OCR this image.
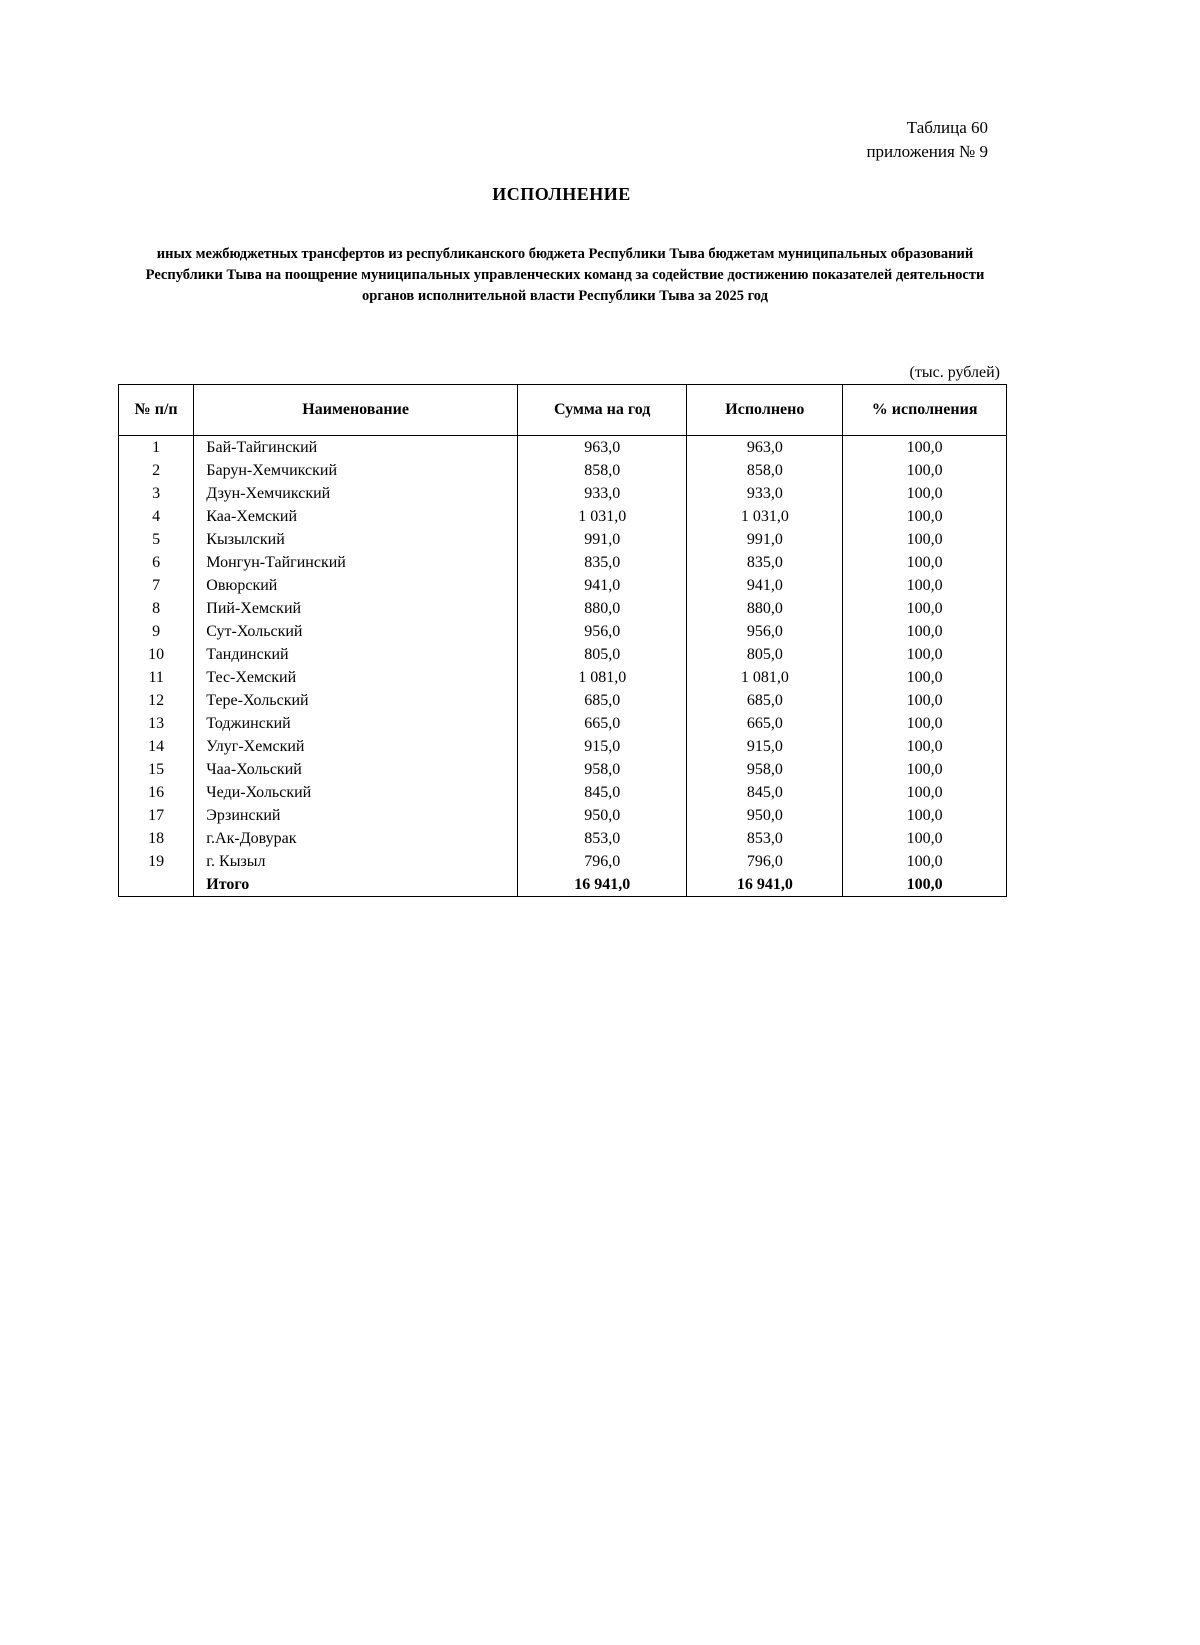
Таблица 60
приложения № 9
ИСПОЛНЕНИЕ
иных межбюджетных трансфертов из республиканского бюджета Республики Тыва бюджетам муниципальных образований Республики Тыва на поощрение муниципальных управленческих команд за содействие достижению показателей деятельности органов исполнительной власти Республики Тыва за 2025 год
(тыс. рублей)
№ п/п	Наименование	Сумма на год	Исполнено	% исполнения
1	Бай-Тайгинский	963,0	963,0	100,0
2	Барун-Хемчикский	858,0	858,0	100,0
3	Дзун-Хемчикский	933,0	933,0	100,0
4	Каа-Хемский	1 031,0	1 031,0	100,0
5	Кызылский	991,0	991,0	100,0
6	Монгун-Тайгинский	835,0	835,0	100,0
7	Овюрский	941,0	941,0	100,0
8	Пий-Хемский	880,0	880,0	100,0
9	Сут-Хольский	956,0	956,0	100,0
10	Тандинский	805,0	805,0	100,0
11	Тес-Хемский	1 081,0	1 081,0	100,0
12	Тере-Хольский	685,0	685,0	100,0
13	Тоджинский	665,0	665,0	100,0
14	Улуг-Хемский	915,0	915,0	100,0
15	Чаа-Хольский	958,0	958,0	100,0
16	Чеди-Хольский	845,0	845,0	100,0
17	Эрзинский	950,0	950,0	100,0
18	г.Ак-Довурак	853,0	853,0	100,0
19	г. Кызыл	796,0	796,0	100,0
	Итого	16 941,0	16 941,0	100,0
